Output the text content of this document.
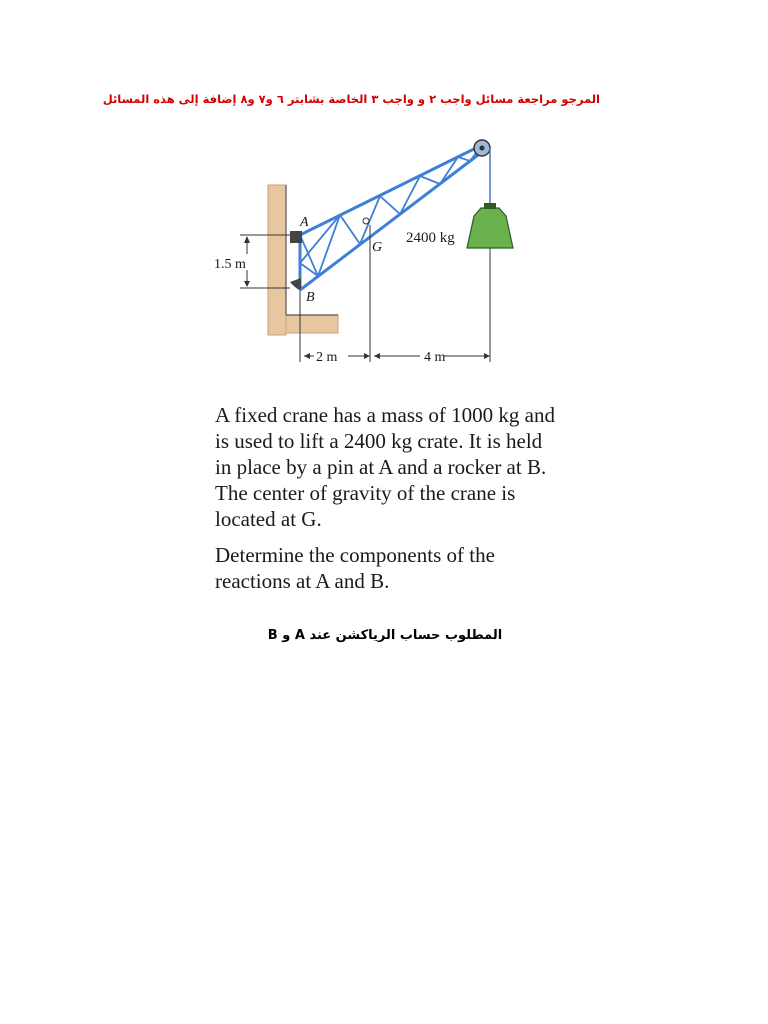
المرجو مراجعة مسائل واجب ٢ و واجب ٣ الخاصة بشابتر ٦ و٧ و٨ إضافة إلى هذه المسائل
A
B
G
2400 kg
1.5 m
2 m	4 m

A fixed crane has a mass of 1000 kg and is used to lift a 2400 kg crate. It is held in place by a pin at A and a rocker at B. The center of gravity of the crane is located at G.

Determine the components of the reactions at A and B.

المطلوب حساب الرياكشن عند A و B
